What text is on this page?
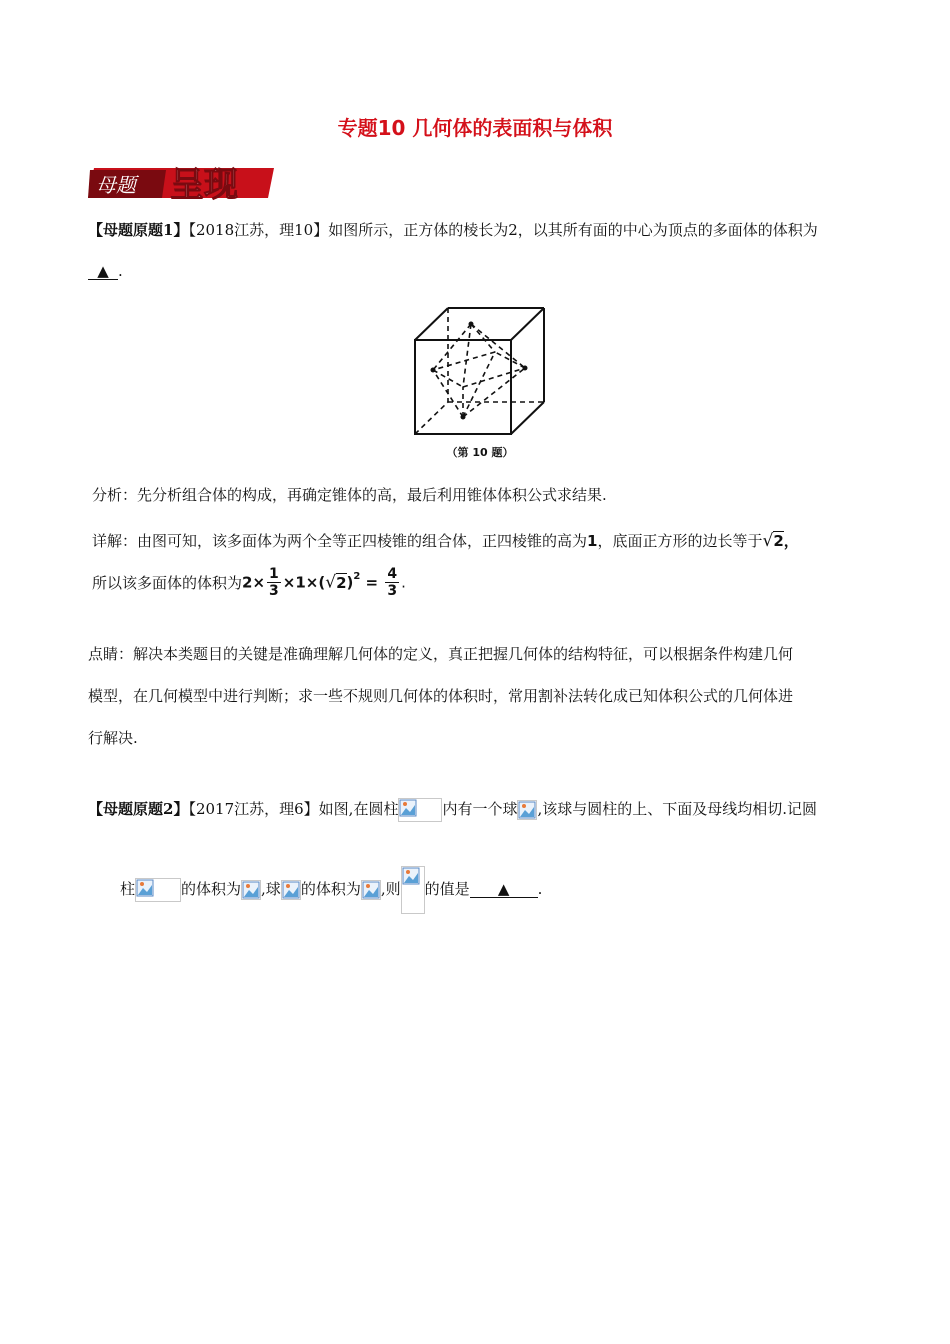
专题10 几何体的表面积与体积
母题 呈现
【母题原题1】【2018江苏，理10】如图所示，正方体的棱长为2，以其所有面的中心为顶点的多面体的体积为
▲ .
（第 10 题）
分析：先分析组合体的构成，再确定锥体的高，最后利用锥体体积公式求结果.
详解：由图可知，该多面体为两个全等正四棱锥的组合体，正四棱锥的高为1，底面正方形的边长等于√2，
所以该多面体的体积为$2\times \frac{1}{3} \times 1\times(√2)^2 = \frac{4}{3}$ .
点睛：解决本类题目的关键是准确理解几何体的定义，真正把握几何体的结构特征，可以根据条件构建几何
模型，在几何模型中进行判断；求一些不规则几何体的体积时，常用割补法转化成已知体积公式的几何体进
行解决.
【母题原题2】【2017江苏，理6】如图,在圆柱	内有一个球 ,该球与圆柱的上、下面及母线均相切.记圆
柱	的体积为 ,球 的体积为 ,则 的值是 ▲ .
